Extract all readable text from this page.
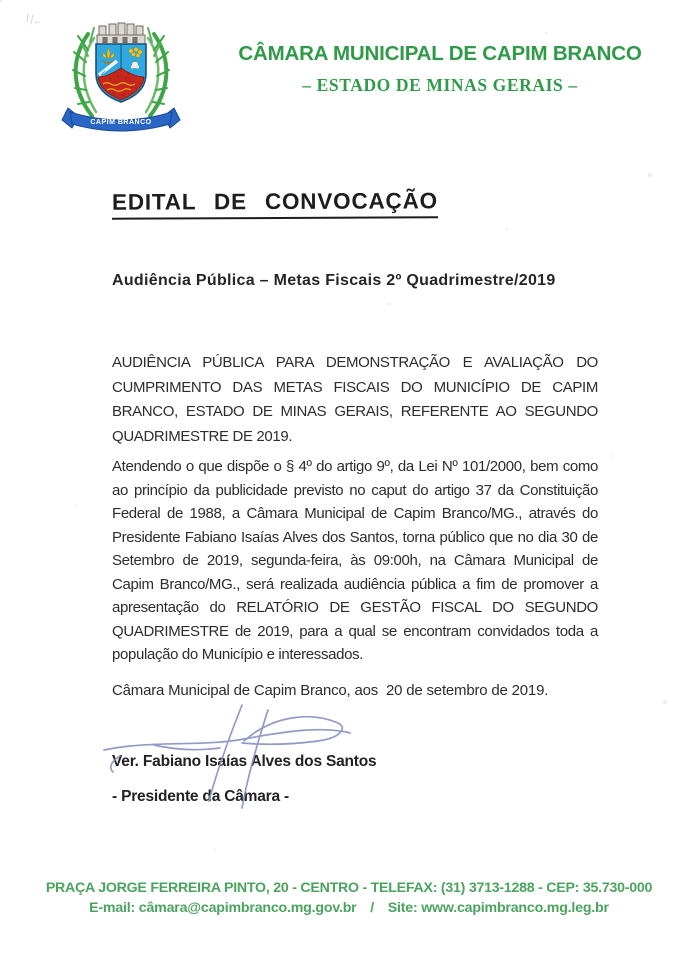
CAPIM BRANCO
CÂMARA MUNICIPAL DE CAPIM BRANCO
– ESTADO DE MINAS GERAIS –
EDITAL DE CONVOCAÇÃO
Audiência Pública – Metas Fiscais 2º Quadrimestre/2019

AUDIÊNCIA PÚBLICA PARA DEMONSTRAÇÃO E AVALIAÇÃO DO CUMPRIMENTO DAS METAS FISCAIS DO MUNICÍPIO DE CAPIM BRANCO, ESTADO DE MINAS GERAIS, REFERENTE AO SEGUNDO QUADRIMESTRE DE 2019.

Atendendo o que dispõe o § 4º do artigo 9º, da Lei Nº 101/2000, bem como ao princípio da publicidade previsto no caput do artigo 37 da Constituição Federal de 1988, a Câmara Municipal de Capim Branco/MG., através do Presidente Fabiano Isaías Alves dos Santos, torna público que no dia 30 de Setembro de 2019, segunda-feira, às 09:00h, na Câmara Municipal de Capim Branco/MG., será realizada audiência pública a fim de promover a apresentação do RELATÓRIO DE GESTÃO FISCAL DO SEGUNDO QUADRIMESTRE de 2019, para a qual se encontram convidados toda a população do Município e interessados.

Câmara Municipal de Capim Branco, aos  20 de setembro de 2019.
Ver. Fabiano Isaías Alves dos Santos
- Presidente da Câmara -
PRAÇA JORGE FERREIRA PINTO, 20 - CENTRO - TELEFAX: (31) 3713-1288 - CEP: 35.730-000
E-mail: câmara@capimbranco.mg.gov.br / Site: www.capimbranco.mg.leg.br
